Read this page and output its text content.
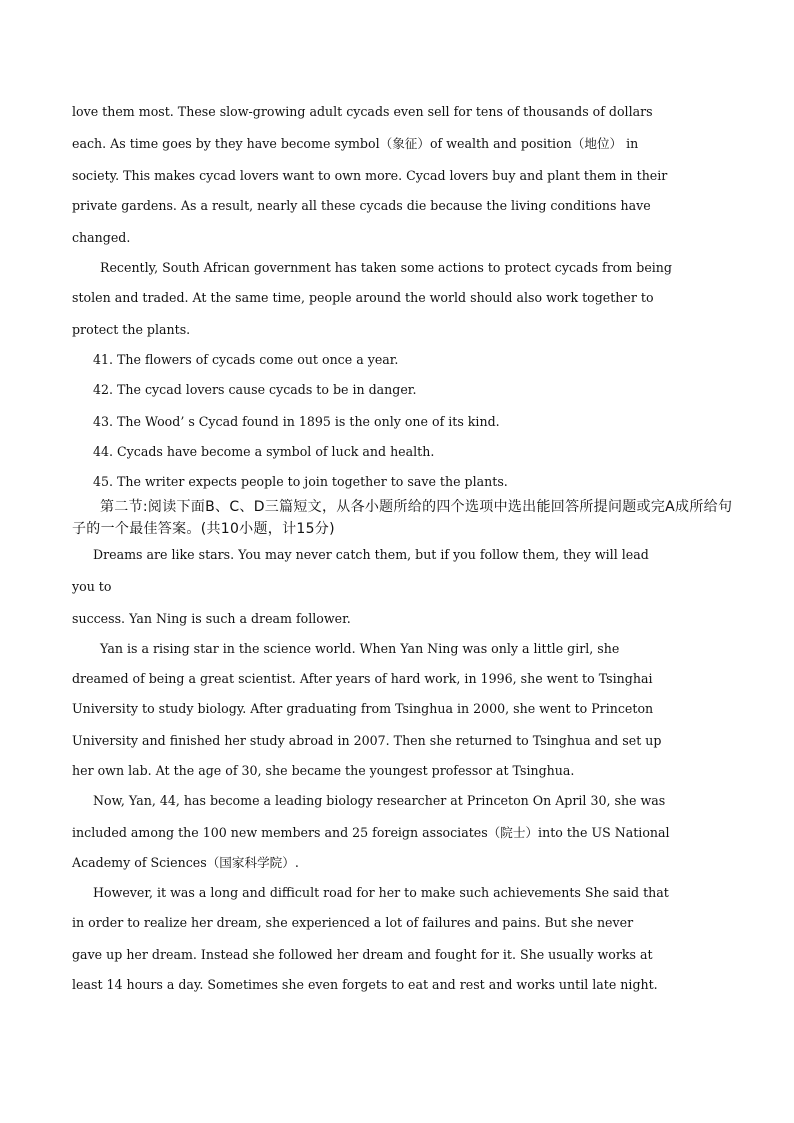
love them most. These slow-growing adult cycads even sell for tens of thousands of dollars
each. As time goes by they have become symbol（象征）of wealth and position（地位） in
society. This makes cycad lovers want to own more. Cycad lovers buy and plant them in their
private gardens. As a result, nearly all these cycads die because the living conditions have
changed.
Recently, South African government has taken some actions to protect cycads from being
stolen and traded. At the same time, people around the world should also work together to
protect the plants.
41. The flowers of cycads come out once a year.
42. The cycad lovers cause cycads to be in danger.
43. The Wood’ s Cycad found in 1895 is the only one of its kind.
44. Cycads have become a symbol of luck and health.
45. The writer expects people to join together to save the plants.
第二节:阅读下面B、C、D三篇短文，从各小题所给的四个选项中选出能回答所提问题或完A成所给句
子的一个最佳答案。(共10小题，计15分)
Dreams are like stars. You may never catch them, but if you follow them, they will lead
you to
success. Yan Ning is such a dream follower.
Yan is a rising star in the science world. When Yan Ning was only a little girl, she
dreamed of being a great scientist. After years of hard work, in 1996, she went to Tsinghai
University to study biology. After graduating from Tsinghua in 2000, she went to Princeton
University and finished her study abroad in 2007. Then she returned to Tsinghua and set up
her own lab. At the age of 30, she became the youngest professor at Tsinghua.
Now, Yan, 44, has become a leading biology researcher at Princeton On April 30, she was
included among the 100 new members and 25 foreign associates（院士）into the US National
Academy of Sciences（国家科学院）.
However, it was a long and difficult road for her to make such achievements She said that
in order to realize her dream, she experienced a lot of failures and pains. But she never
gave up her dream. Instead she followed her dream and fought for it. She usually works at
least 14 hours a day. Sometimes she even forgets to eat and rest and works until late night.
